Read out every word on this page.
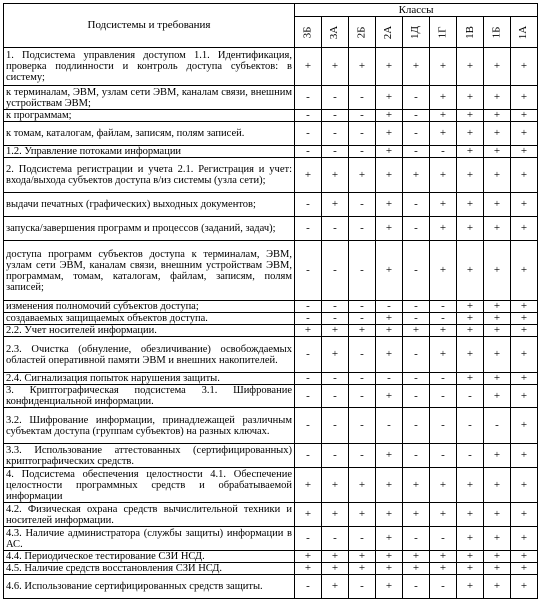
Подсистемы и требования	Классы								
	3Б	3А	2Б	2А	1Д	1Г	1В	1Б	1А
1. Подсистема управления доступом 1.1. Идентификация, проверка подлинности и контроль доступа субъектов: в систему;	+	+	+	+	+	+	+	+	+
к терминалам, ЭВМ, узлам сети ЭВМ, каналам связи, внешним устройствам ЭВМ;	-	-	-	+	-	+	+	+	+
к программам;	-	-	-	+	-	+	+	+	+
к томам, каталогам, файлам, записям, полям записей.	-	-	-	+	-	+	+	+	+
1.2. Управление потоками информации	-	-	-	+	-	-	+	+	+
2. Подсистема регистрации и учета 2.1. Регистрация и учет: входа/выхода субъектов доступа в/из системы (узла сети);	+	+	+	+	+	+	+	+	+
выдачи печатных (графических) выходных документов;	-	+	-	+	-	+	+	+	+
запуска/завершения программ и процессов (заданий, задач);	-	-	-	+	-	+	+	+	+
доступа программ субъектов доступа к терминалам, ЭВМ, узлам сети ЭВМ, каналам связи, внешним устройствам ЭВМ, программам, томам, каталогам, файлам, записям, полям записей;	-	-	-	+	-	+	+	+	+
изменения полномочий субъектов доступа;	-	-	-	-	-	-	+	+	+
создаваемых защищаемых объектов доступа.	-	-	-	+	-	-	+	+	+
2.2. Учет носителей информации.	+	+	+	+	+	+	+	+	+
2.3. Очистка (обнуление, обезличивание) освобождаемых областей оперативной памяти ЭВМ и внешних накопителей.	-	+	-	+	-	+	+	+	+
2.4. Сигнализация попыток нарушения защиты.	-	-	-	-	-	-	+	+	+
3. Криптографическая подсистема 3.1. Шифрование конфиденциальной информации.	-	-	-	+	-	-	-	+	+
3.2. Шифрование информации, принадлежащей различным субъектам доступа (группам субъектов) на разных ключах.	-	-	-	-	-	-	-	-	+
3.3. Использование аттестованных (сертифицированных) криптографических средств.	-	-	-	+	-	-	-	+	+
4. Подсистема обеспечения целостности 4.1. Обеспечение целостности программных средств и обрабатываемой информации	+	+	+	+	+	+	+	+	+
4.2. Физическая охрана средств вычислительной техники и носителей информации.	+	+	+	+	+	+	+	+	+
4.3. Наличие администратора (службы защиты) информации в АС.	-	-	-	+	-	-	+	+	+
4.4. Периодическое тестирование СЗИ НСД.	+	+	+	+	+	+	+	+	+
4.5. Наличие средств восстановления СЗИ НСД.	+	+	+	+	+	+	+	+	+
4.6. Использование сертифицированных средств защиты.	-	+	-	+	-	-	+	+	+
